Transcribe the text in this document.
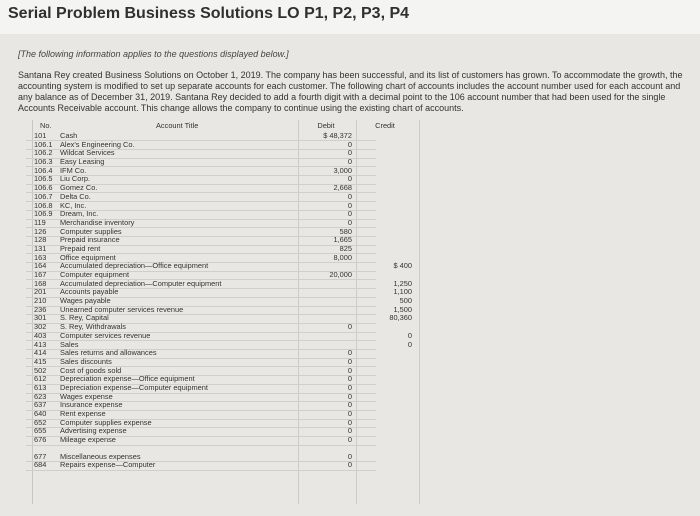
Serial Problem Business Solutions LO P1, P2, P3, P4
[The following information applies to the questions displayed below.]
Santana Rey created Business Solutions on October 1, 2019. The company has been successful, and its list of customers has grown. To accommodate the growth, the accounting system is modified to set up separate accounts for each customer. The following chart of accounts includes the account number used for each account and any balance as of December 31, 2019. Santana Rey decided to add a fourth digit with a decimal point to the 106 account number that had been used for the single Accounts Receivable account. This change allows the company to continue using the existing chart of accounts.
No.	Account Title
101 Cash
106.1 Alex's Engineering Co.
106.2 Wildcat Services
106.3 Easy Leasing
106.4 IFM Co.
106.5 Liu Corp.
106.6 Gomez Co.
106.7 Delta Co.
106.8 KC, Inc.
106.9 Dream, Inc.
119 Merchandise inventory
126 Computer supplies
128 Prepaid insurance
131 Prepaid rent
163 Office equipment
164 Accumulated depreciation—Office equipment
167 Computer equipment
168 Accumulated depreciation—Computer equipment
201 Accounts payable
210 Wages payable
236 Unearned computer services revenue
301 S. Rey, Capital
302 S. Rey, Withdrawals
403 Computer services revenue
413 Sales
414 Sales returns and allowances
415 Sales discounts
502 Cost of goods sold
612 Depreciation expense—Office equipment
613 Depreciation expense—Computer equipment
623 Wages expense
637 Insurance expense
640 Rent expense
652 Computer supplies expense
655 Advertising expense
676 Mileage expense
677 Miscellaneous expenses
684 Repairs expense—Computer
Debit
$ 48,372
0
0
0
3,000
0
2,668
0
0
0
0
580
1,665
825
8,000
20,000
0
0
0
0
0
0
0
0
0
0
0
0
0
0
Credit
$ 400
1,250
1,100
500
1,500
80,360
0
0
